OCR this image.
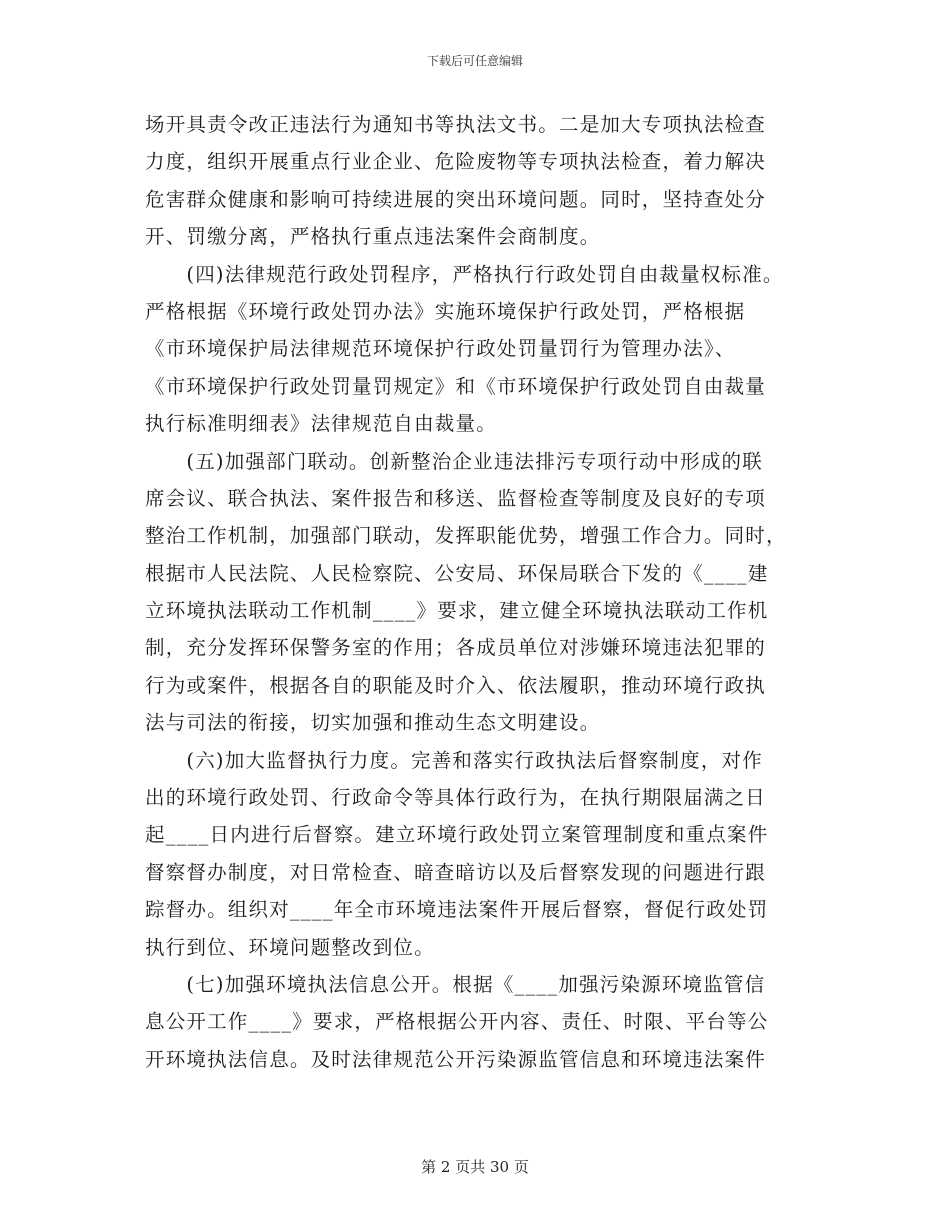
下载后可任意编辑
场开具责令改正违法行为通知书等执法文书。二是加大专项执法检查
力度，组织开展重点行业企业、危险废物等专项执法检查，着力解决
危害群众健康和影响可持续进展的突出环境问题。同时，坚持查处分
开、罚缴分离，严格执行重点违法案件会商制度。
　　(四)法律规范行政处罚程序，严格执行行政处罚自由裁量权标准。
严格根据《环境行政处罚办法》实施环境保护行政处罚，严格根据
《市环境保护局法律规范环境保护行政处罚量罚行为管理办法》、
《市环境保护行政处罚量罚规定》和《市环境保护行政处罚自由裁量
执行标准明细表》法律规范自由裁量。
　　(五)加强部门联动。创新整治企业违法排污专项行动中形成的联
席会议、联合执法、案件报告和移送、监督检查等制度及良好的专项
整治工作机制，加强部门联动，发挥职能优势，增强工作合力。同时，
根据市人民法院、人民检察院、公安局、环保局联合下发的《____建
立环境执法联动工作机制____》要求，建立健全环境执法联动工作机
制，充分发挥环保警务室的作用；各成员单位对涉嫌环境违法犯罪的
行为或案件，根据各自的职能及时介入、依法履职，推动环境行政执
法与司法的衔接，切实加强和推动生态文明建设。
　　(六)加大监督执行力度。完善和落实行政执法后督察制度，对作
出的环境行政处罚、行政命令等具体行政行为，在执行期限届满之日
起____日内进行后督察。建立环境行政处罚立案管理制度和重点案件
督察督办制度，对日常检查、暗查暗访以及后督察发现的问题进行跟
踪督办。组织对____年全市环境违法案件开展后督察，督促行政处罚
执行到位、环境问题整改到位。
　　(七)加强环境执法信息公开。根据《____加强污染源环境监管信
息公开工作____》要求，严格根据公开内容、责任、时限、平台等公
开环境执法信息。及时法律规范公开污染源监管信息和环境违法案件
第 2 页共 30 页
